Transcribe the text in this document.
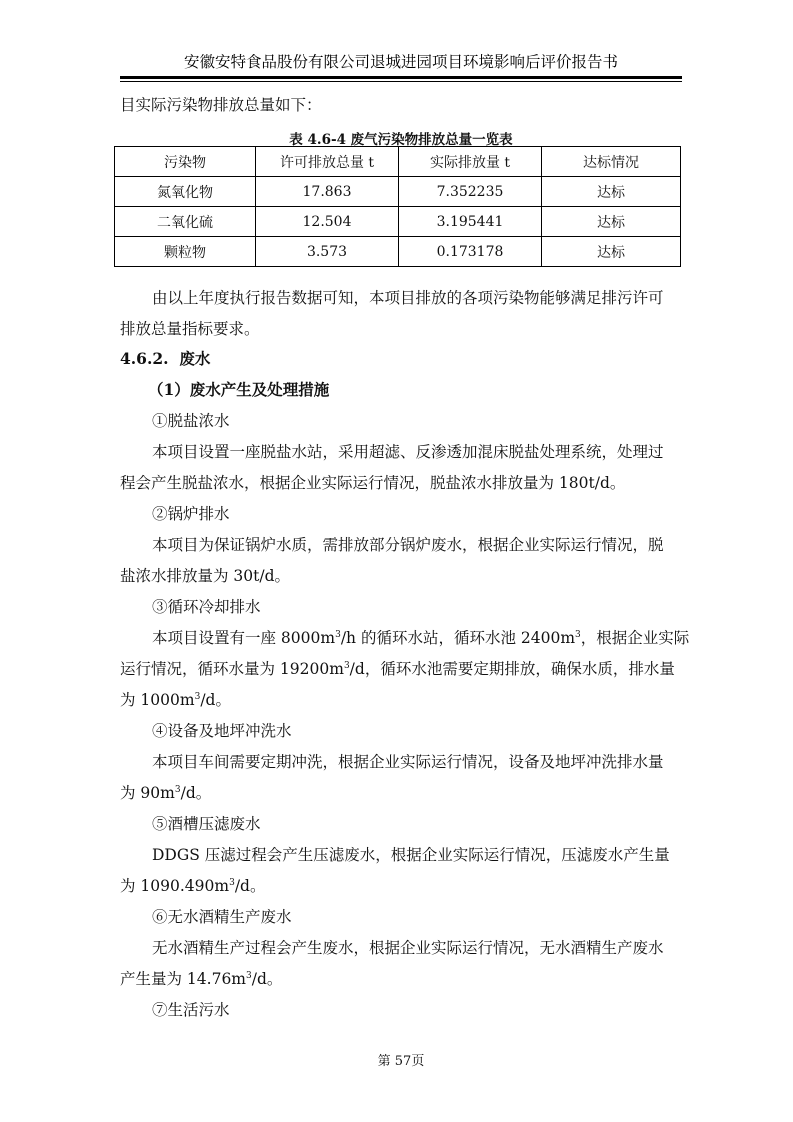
安徽安特食品股份有限公司退城进园项目环境影响后评价报告书
目实际污染物排放总量如下：
表 4.6-4 废气污染物排放总量一览表
污染物	许可排放总量 t	实际排放量 t	达标情况
氮氧化物	17.863	7.352235	达标
二氧化硫	12.504	3.195441	达标
颗粒物	3.573	0.173178	达标
由以上年度执行报告数据可知，本项目排放的各项污染物能够满足排污许可
排放总量指标要求。
4.6.2. 废水
（1）废水产生及处理措施
①脱盐浓水
本项目设置一座脱盐水站，采用超滤、反渗透加混床脱盐处理系统，处理过
程会产生脱盐浓水，根据企业实际运行情况，脱盐浓水排放量为 180t/d。
②锅炉排水
本项目为保证锅炉水质，需排放部分锅炉废水，根据企业实际运行情况，脱
盐浓水排放量为 30t/d。
③循环冷却排水
本项目设置有一座 $8000m^3/h$ 的循环水站，循环水池 $2400m^3$，根据企业实际
运行情况，循环水量为 $19200m^3/d$，循环水池需要定期排放，确保水质，排水量
为 $1000m^3/d$。
④设备及地坪冲洗水
本项目车间需要定期冲洗，根据企业实际运行情况，设备及地坪冲洗排水量
为 $90m^3/d$。
⑤酒槽压滤废水
DDGS 压滤过程会产生压滤废水，根据企业实际运行情况，压滤废水产生量
为 $1090.490m^3/d$。
⑥无水酒精生产废水
无水酒精生产过程会产生废水，根据企业实际运行情况，无水酒精生产废水
产生量为 $14.76m^3/d$。
⑦生活污水
第 57页
